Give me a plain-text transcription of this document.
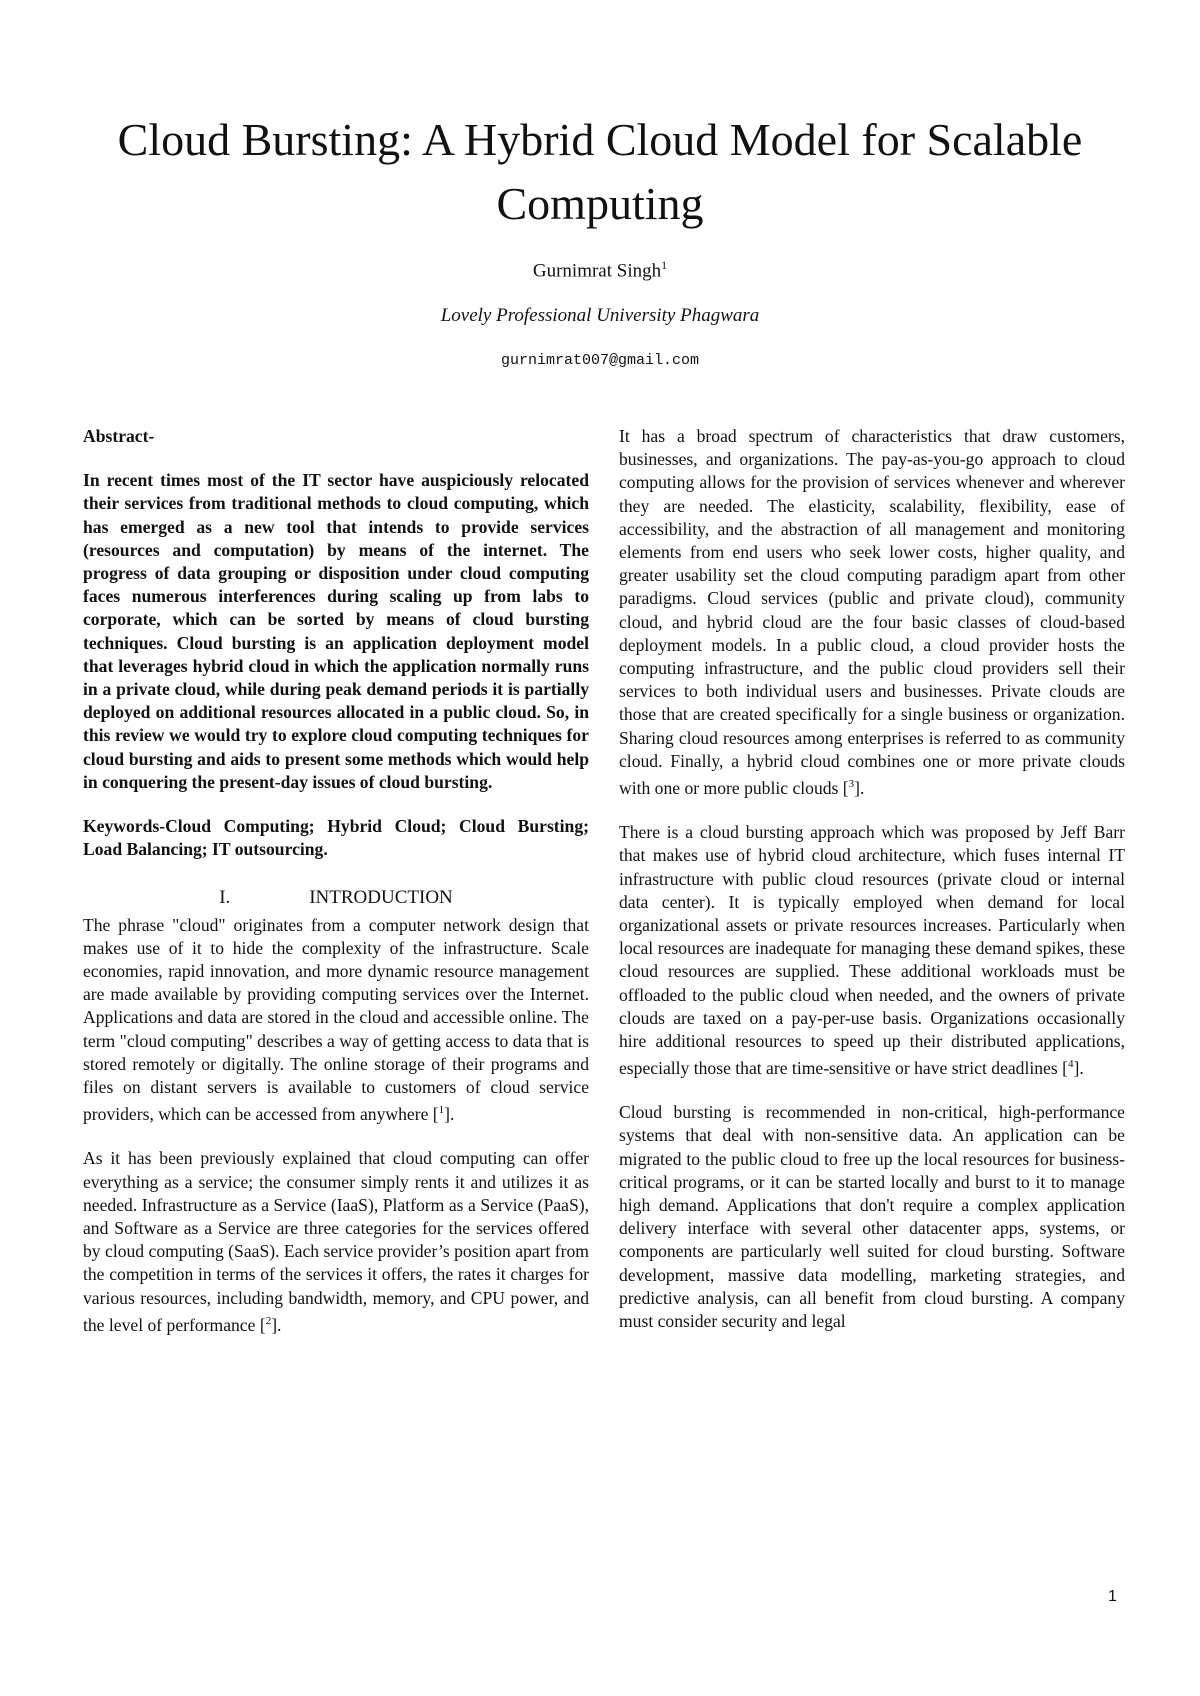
Cloud Bursting: A Hybrid Cloud Model for Scalable Computing
Gurnimrat Singh$^1$
Lovely Professional University Phagwara
gurnimrat007@gmail.com
Abstract-

In recent times most of the IT sector have auspiciously relocated their services from traditional methods to cloud computing, which has emerged as a new tool that intends to provide services (resources and computation) by means of the internet. The progress of data grouping or disposition under cloud computing faces numerous interferences during scaling up from labs to corporate, which can be sorted by means of cloud bursting techniques. Cloud bursting is an application deployment model that leverages hybrid cloud in which the application normally runs in a private cloud, while during peak demand periods it is partially deployed on additional resources allocated in a public cloud. So, in this review we would try to explore cloud computing techniques for cloud bursting and aids to present some methods which would help in conquering the present-day issues of cloud bursting.

Keywords-Cloud Computing; Hybrid Cloud; Cloud Bursting; Load Balancing; IT outsourcing.

I.	INTRODUCTION

The phrase "cloud" originates from a computer network design that makes use of it to hide the complexity of the infrastructure. Scale economies, rapid innovation, and more dynamic resource management are made available by providing computing services over the Internet. Applications and data are stored in the cloud and accessible online. The term "cloud computing" describes a way of getting access to data that is stored remotely or digitally. The online storage of their programs and files on distant servers is available to customers of cloud service providers, which can be accessed from anywhere [$^1$].

As it has been previously explained that cloud computing can offer everything as a service; the consumer simply rents it and utilizes it as needed. Infrastructure as a Service (IaaS), Platform as a Service (PaaS), and Software as a Service are three categories for the services offered by cloud computing (SaaS). Each service provider’s position apart from the competition in terms of the services it offers, the rates it charges for various resources, including bandwidth, memory, and CPU power, and the level of performance [$^2$].

It has a broad spectrum of characteristics that draw customers, businesses, and organizations. The pay-as-you-go approach to cloud computing allows for the provision of services whenever and wherever they are needed. The elasticity, scalability, flexibility, ease of accessibility, and the abstraction of all management and monitoring elements from end users who seek lower costs, higher quality, and greater usability set the cloud computing paradigm apart from other paradigms. Cloud services (public and private cloud), community cloud, and hybrid cloud are the four basic classes of cloud-based deployment models. In a public cloud, a cloud provider hosts the computing infrastructure, and the public cloud providers sell their services to both individual users and businesses. Private clouds are those that are created specifically for a single business or organization. Sharing cloud resources among enterprises is referred to as community cloud. Finally, a hybrid cloud combines one or more private clouds with one or more public clouds [$^3$].

There is a cloud bursting approach which was proposed by Jeff Barr that makes use of hybrid cloud architecture, which fuses internal IT infrastructure with public cloud resources (private cloud or internal data center). It is typically employed when demand for local organizational assets or private resources increases. Particularly when local resources are inadequate for managing these demand spikes, these cloud resources are supplied. These additional workloads must be offloaded to the public cloud when needed, and the owners of private clouds are taxed on a pay-per-use basis. Organizations occasionally hire additional resources to speed up their distributed applications, especially those that are time-sensitive or have strict deadlines [$^4$].

Cloud bursting is recommended in non-critical, high-performance systems that deal with non-sensitive data. An application can be migrated to the public cloud to free up the local resources for business-critical programs, or it can be started locally and burst to it to manage high demand. Applications that don't require a complex application delivery interface with several other datacenter apps, systems, or components are particularly well suited for cloud bursting. Software development, massive data modelling, marketing strategies, and predictive analysis, can all benefit from cloud bursting. A company must consider security and legal

1
